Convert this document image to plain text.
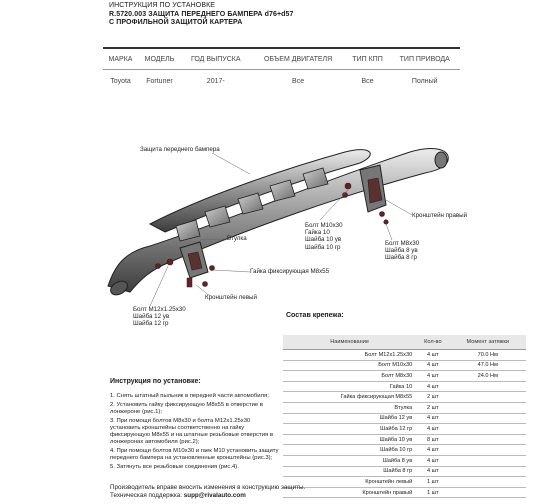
ИНСТРУКЦИЯ ПО УСТАНОВКЕ
R.5720.003 ЗАЩИТА ПЕРЕДНЕГО БАМПЕРА d76+d57
С ПРОФИЛЬНОЙ ЗАЩИТОЙ КАРТЕРА
МАРКА	МОДЕЛЬ	ГОД ВЫПУСКА	ОБЪЕМ ДВИГАТЕЛЯ	ТИП КПП	ТИП ПРИВОДА
Toyota	Fortuner	2017-	Все	Все	Полный
Защита переднего бампера
Кронштейн правый
Болт М10х30
Гайка 10
Шайба 10 ув
Шайба 10 гр
Болт М8х30
Шайба 8 ув
Шайба 8 гр
Втулка
Гайка фиксирующая М8х55
Кронштейн левый
Болт М12х1.25х30
Шайба 12 ув
Шайба 12 гр
Состав крепежа:
Наименование	Кол-во	Момент затяжки
Болт М12х1.25х30	4 шт	70.0 Нм
Болт М10х30	4 шт	47.0 Нм
Болт М8х30	4 шт	24.0 Нм
Гайка 10	4 шт	
Гайка фиксирующая М8х55	2 шт	
Втулка	2 шт	
Шайба 12 ув	4 шт	
Шайба 12 гр	4 шт	
Шайба 10 ув	8 шт	
Шайба 10 гр	4 шт	
Шайба 8 ув	4 шт	
Шайба 8 гр	4 шт	
Кронштейн левый	1 шт	
Кронштейн правый	1 шт	
Инструкция по установке:
1. Снять штатный пыльник в передней части автомобиля;
2. Установить гайку фиксирующую М8х55 в отверстие в лонжероне (рис.1);
3. При помощи болтов М8х30 и болта М12х1.25х30 установить кронштейны соответственно на гайку фиксирующую М8х55 и на штатные резьбовые отверстия в лонжеронах автомобиля (рис.2);
4. При помощи болтов М10х30 и гаек М10 установить защиту переднего бампера на установленные кронштейны (рис.3);
5. Затянуть все резьбовые соединения (рис.4).
Производитель вправе вносить изменения в конструкцию защиты.
Техническая поддержка: supp@rivalauto.com
